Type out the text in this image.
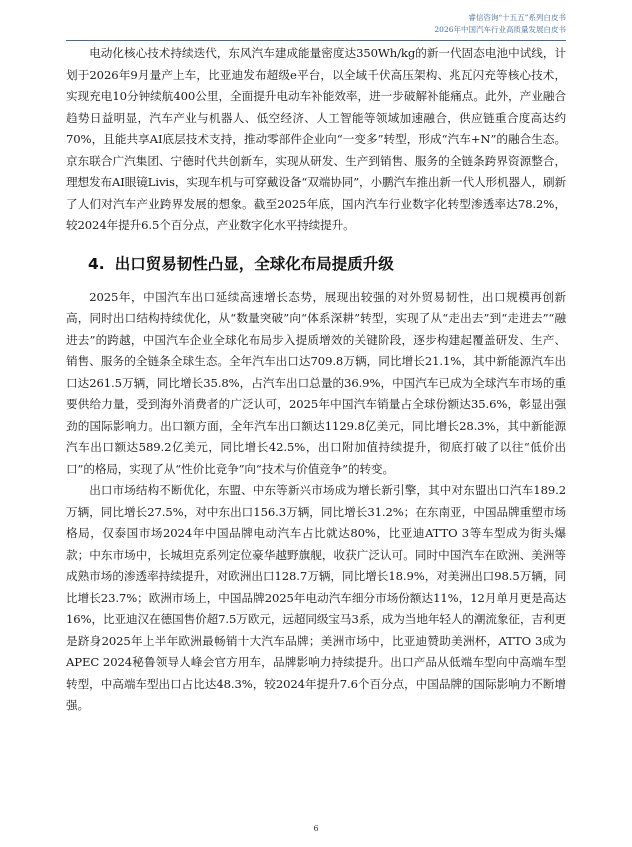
睿信咨询“十五五”系列白皮书
2026年中国汽车行业高质量发展白皮书

电动化核心技术持续迭代，东风汽车建成能量密度达350Wh/kg的新一代固态电池中试线，计划于2026年9月量产上车，比亚迪发布超级e平台，以全域千伏高压架构、兆瓦闪充等核心技术，实现充电10分钟续航400公里，全面提升电动车补能效率，进一步破解补能痛点。此外，产业融合趋势日益明显，汽车产业与机器人、低空经济、人工智能等领域加速融合，供应链重合度高达约70%，且能共享AI底层技术支持，推动零部件企业向“一变多”转型，形成“汽车+N”的融合生态。京东联合广汽集团、宁德时代共创新车，实现从研发、生产到销售、服务的全链条跨界资源整合，理想发布AI眼镜Livis，实现车机与可穿戴设备“双端协同”，小鹏汽车推出新一代人形机器人，刷新了人们对汽车产业跨界发展的想象。截至2025年底，国内汽车行业数字化转型渗透率达78.2%，较2024年提升6.5个百分点，产业数字化水平持续提升。

4. 出口贸易韧性凸显，全球化布局提质升级

2025年，中国汽车出口延续高速增长态势，展现出较强的对外贸易韧性，出口规模再创新高，同时出口结构持续优化，从“数量突破”向“体系深耕”转型，实现了从“走出去”到“走进去”“融进去”的跨越，中国汽车企业全球化布局步入提质增效的关键阶段，逐步构建起覆盖研发、生产、销售、服务的全链条全球生态。全年汽车出口达709.8万辆，同比增长21.1%，其中新能源汽车出口达261.5万辆，同比增长35.8%，占汽车出口总量的36.9%，中国汽车已成为全球汽车市场的重要供给力量，受到海外消费者的广泛认可，2025年中国汽车销量占全球份额达35.6%，彰显出强劲的国际影响力。出口额方面，全年汽车出口额达1129.8亿美元，同比增长28.3%，其中新能源汽车出口额达589.2亿美元，同比增长42.5%，出口附加值持续提升，彻底打破了以往“低价出口”的格局，实现了从“性价比竞争”向“技术与价值竞争”的转变。

出口市场结构不断优化，东盟、中东等新兴市场成为增长新引擎，其中对东盟出口汽车189.2万辆，同比增长27.5%，对中东出口156.3万辆，同比增长31.2%；在东南亚，中国品牌重塑市场格局，仅泰国市场2024年中国品牌电动汽车占比就达80%，比亚迪ATTO 3等车型成为街头爆款；中东市场中，长城坦克系列定位豪华越野旗舰，收获广泛认可。同时中国汽车在欧洲、美洲等成熟市场的渗透率持续提升，对欧洲出口128.7万辆，同比增长18.9%，对美洲出口98.5万辆，同比增长23.7%；欧洲市场上，中国品牌2025年电动汽车细分市场份额达11%，12月单月更是高达16%，比亚迪汉在德国售价超7.5万欧元，远超同级宝马3系，成为当地年轻人的潮流象征，吉利更是跻身2025年上半年欧洲最畅销十大汽车品牌；美洲市场中，比亚迪赞助美洲杯，ATTO 3成为APEC 2024秘鲁领导人峰会官方用车，品牌影响力持续提升。出口产品从低端车型向中高端车型转型，中高端车型出口占比达48.3%，较2024年提升7.6个百分点，中国品牌的国际影响力不断增强。

6
